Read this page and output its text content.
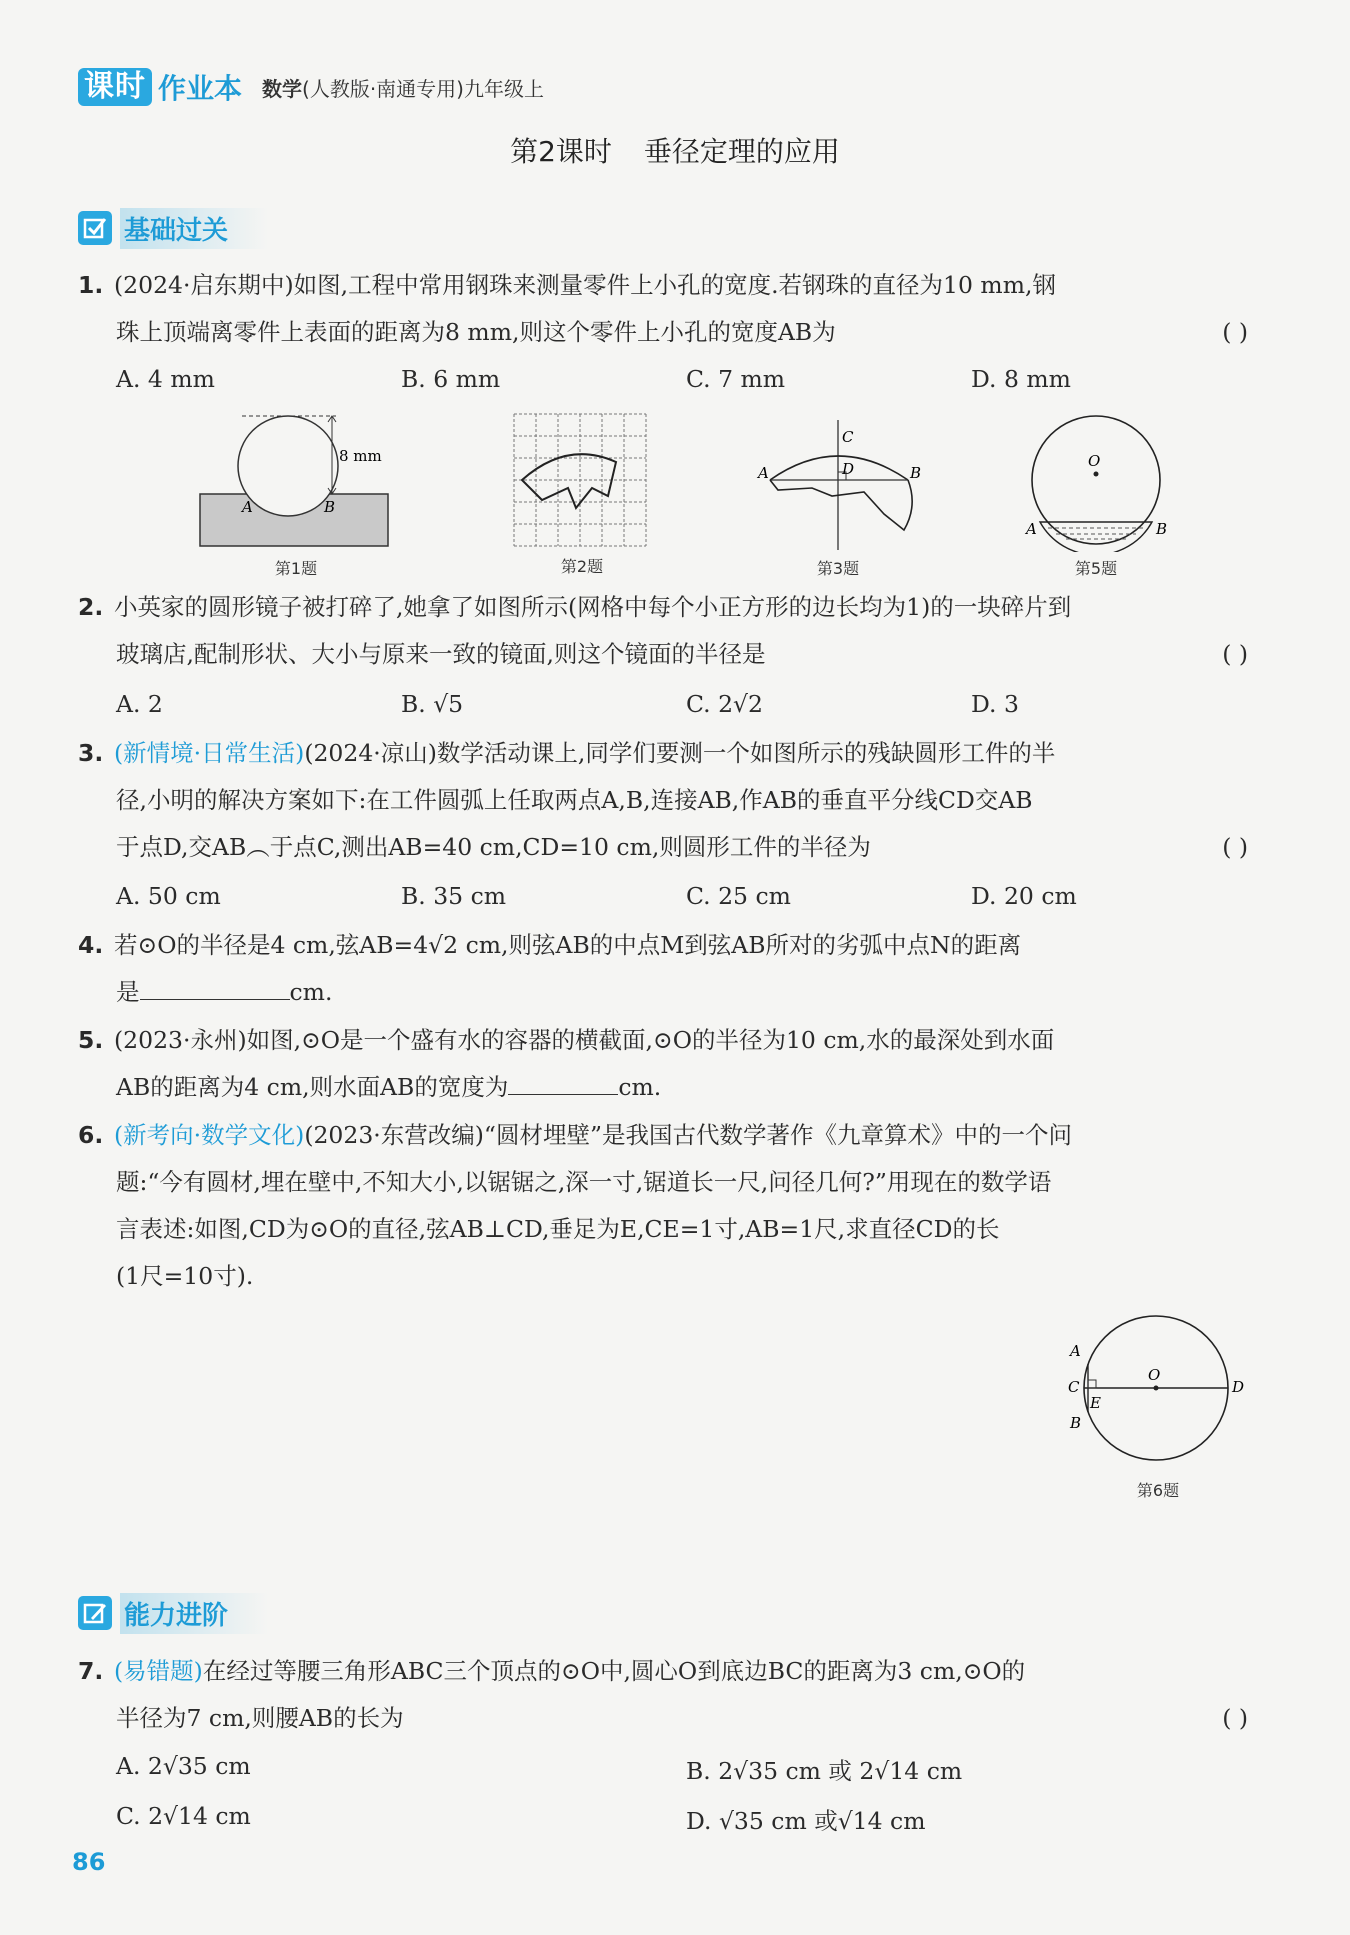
课时 作业本 数学(人教版·南通专用)九年级上
第2课时 垂径定理的应用
基础过关
1. (2024·启东期中)如图,工程中常用钢珠来测量零件上小孔的宽度.若钢珠的直径为10 mm,钢
珠上顶端离零件上表面的距离为8 mm,则这个零件上小孔的宽度AB为	( )
A. 4 mm	B. 6 mm	C. 7 mm	D. 8 mm
8 mm
A	B
第1题	第2题
A	B
C
D
第3题
O
A	B
第5题
2. 小英家的圆形镜子被打碎了,她拿了如图所示(网格中每个小正方形的边长均为1)的一块碎片到
玻璃店,配制形状、大小与原来一致的镜面,则这个镜面的半径是	( )
A. 2	B. √5	C. 2√2	D. 3
3. (新情境·日常生活)(2024·凉山)数学活动课上,同学们要测一个如图所示的残缺圆形工件的半
径,小明的解决方案如下:在工件圆弧上任取两点A,B,连接AB,作AB的垂直平分线CD交AB
于点D,交AB︵于点C,测出AB=40 cm,CD=10 cm,则圆形工件的半径为	( )
A. 50 cm	B. 35 cm	C. 25 cm	D. 20 cm
4. 若⊙O的半径是4 cm,弦AB=4√2 cm,则弦AB的中点M到弦AB所对的劣弧中点N的距离
是	cm.
5. (2023·永州)如图,⊙O是一个盛有水的容器的横截面,⊙O的半径为10 cm,水的最深处到水面
AB的距离为4 cm,则水面AB的宽度为	cm.
6. (新考向·数学文化)(2023·东营改编)“圆材埋壁”是我国古代数学著作《九章算术》中的一个问
题:“今有圆材,埋在壁中,不知大小,以锯锯之,深一寸,锯道长一尺,问径几何?”用现在的数学语
言表述:如图,CD为⊙O的直径,弦AB⊥CD,垂足为E,CE=1寸,AB=1尺,求直径CD的长
(1尺=10寸).
A
C
B
E
O
D
第6题
能力进阶
7. (易错题)在经过等腰三角形ABC三个顶点的⊙O中,圆心O到底边BC的距离为3 cm,⊙O的
半径为7 cm,则腰AB的长为	( )
A. 2√35 cm	B. 2√35 cm 或 2√14 cm
C. 2√14 cm	D. √35 cm 或√14 cm
86
